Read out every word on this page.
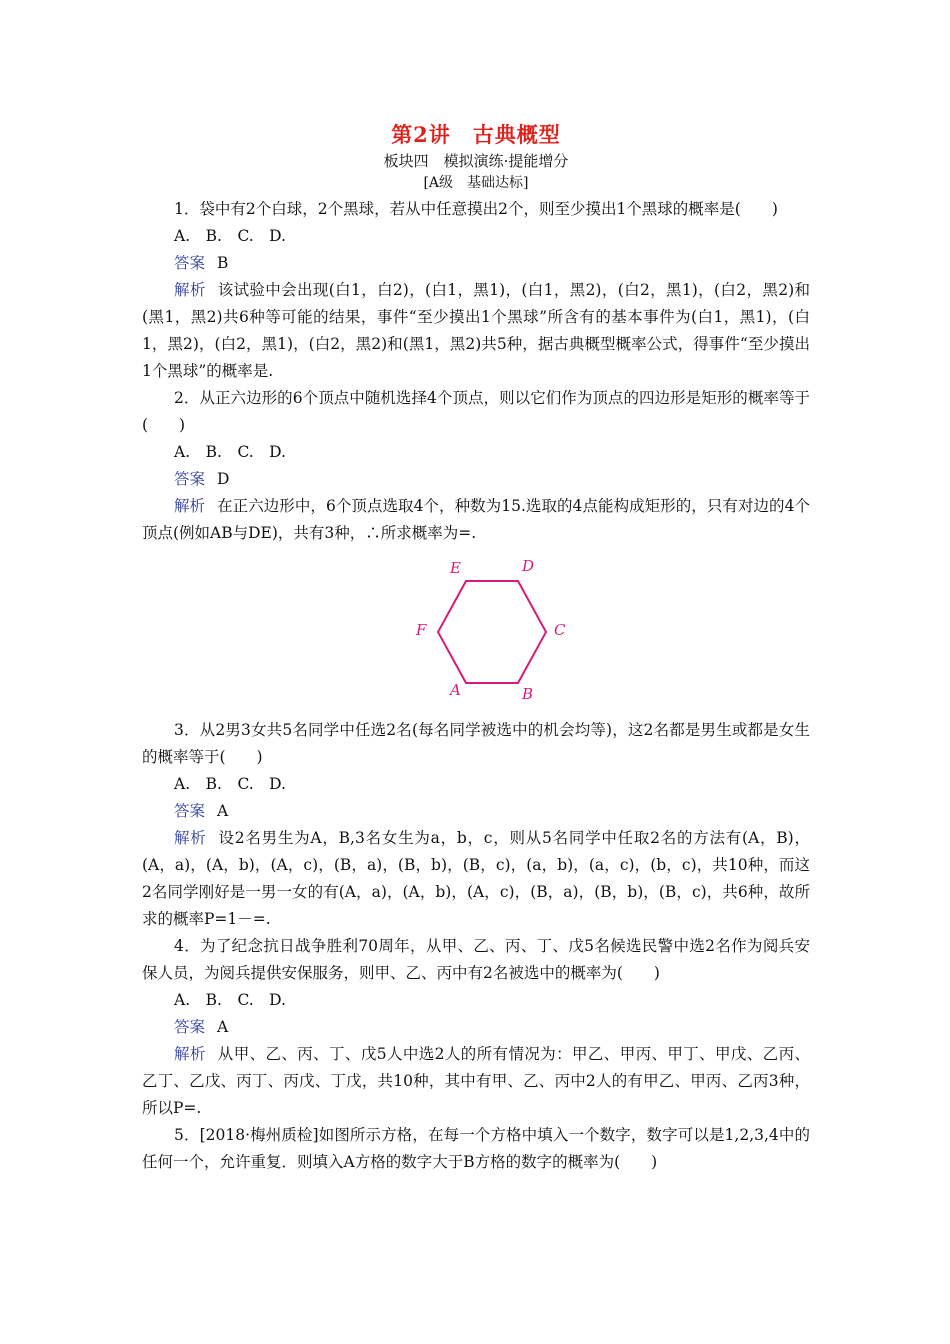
第2讲　古典概型
板块四　模拟演练·提能增分
[A级　基础达标]
1．袋中有2个白球，2个黑球，若从中任意摸出2个，则至少摸出1个黑球的概率是(　　)
A.　B.　C.　D.
答案 B
解析 该试验中会出现(白1，白2)，(白1，黑1)，(白1，黑2)，(白2，黑1)，(白2，黑2)和(黑1，黑2)共6种等可能的结果，事件“至少摸出1个黑球”所含有的基本事件为(白1，黑1)，(白1，黑2)，(白2，黑1)，(白2，黑2)和(黑1，黑2)共5种，据古典概型概率公式，得事件“至少摸出1个黑球”的概率是.
2．从正六边形的6个顶点中随机选择4个顶点，则以它们作为顶点的四边形是矩形的概率等于(　　)
A.　B.　C.　D.
答案 D
解析 在正六边形中，6个顶点选取4个，种数为15.选取的4点能构成矩形的，只有对边的4个顶点(例如AB与DE)，共有3种，∴所求概率为=.
E	D
F	C
A	B
3．从2男3女共5名同学中任选2名(每名同学被选中的机会均等)，这2名都是男生或都是女生的概率等于(　　)
A.　B.　C.　D.
答案 A
解析 设2名男生为A，B,3名女生为a，b，c，则从5名同学中任取2名的方法有(A，B)，(A，a)，(A，b)，(A，c)，(B，a)，(B，b)，(B，c)，(a，b)，(a，c)，(b，c)，共10种，而这2名同学刚好是一男一女的有(A，a)，(A，b)，(A，c)，(B，a)，(B，b)，(B，c)，共6种，故所求的概率P=1－=.
4．为了纪念抗日战争胜利70周年，从甲、乙、丙、丁、戊5名候选民警中选2名作为阅兵安保人员，为阅兵提供安保服务，则甲、乙、丙中有2名被选中的概率为(　　)
A.　B.　C.　D.
答案 A
解析 从甲、乙、丙、丁、戊5人中选2人的所有情况为：甲乙、甲丙、甲丁、甲戊、乙丙、乙丁、乙戊、丙丁、丙戊、丁戊，共10种，其中有甲、乙、丙中2人的有甲乙、甲丙、乙丙3种，所以P=.
5．[2018·梅州质检]如图所示方格，在每一个方格中填入一个数字，数字可以是1,2,3,4中的任何一个，允许重复．则填入A方格的数字大于B方格的数字的概率为(　　)
